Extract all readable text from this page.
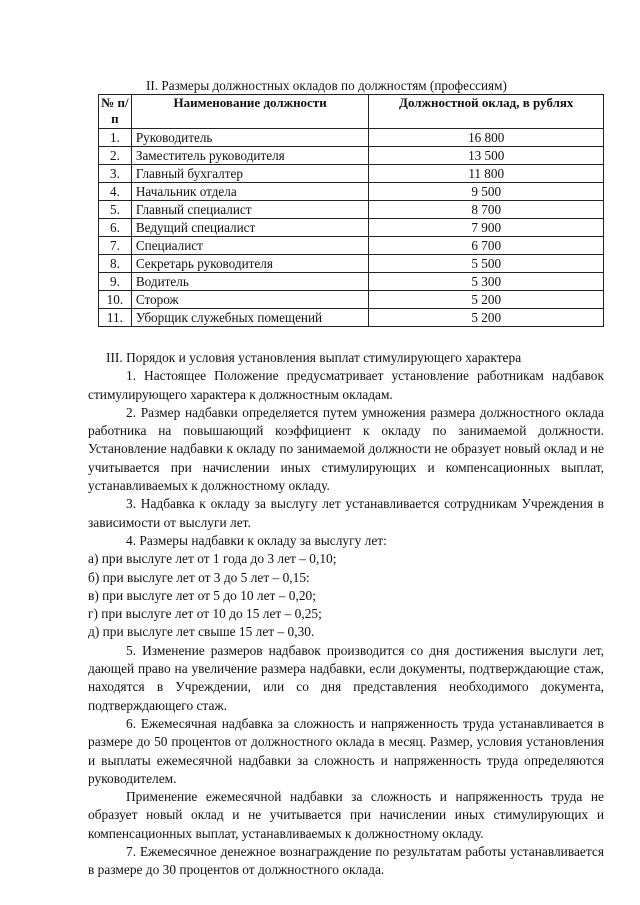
II. Размеры должностных окладов по должностям (профессиям)
№ п/п	Наименование должности	Должностной оклад, в рублях
1.	Руководитель	16 800
2.	Заместитель руководителя	13 500
3.	Главный бухгалтер	11 800
4.	Начальник отдела	9 500
5.	Главный специалист	8 700
6.	Ведущий специалист	7 900
7.	Специалист	6 700
8.	Секретарь руководителя	5 500
9.	Водитель	5 300
10.	Сторож	5 200
11.	Уборщик служебных помещений	5 200

III. Порядок и условия установления выплат стимулирующего характера

1. Настоящее Положение предусматривает установление работникам надбавок стимулирующего характера к должностным окладам.

2. Размер надбавки определяется путем умножения размера должностного оклада работника на повышающий коэффициент к окладу по занимаемой должности. Установление надбавки к окладу по занимаемой должности не образует новый оклад и не учитывается при начислении иных стимулирующих и компенсационных выплат, устанавливаемых к должностному окладу.

3. Надбавка к окладу за выслугу лет устанавливается сотрудникам Учреждения в зависимости от выслуги лет.

4. Размеры надбавки к окладу за выслугу лет:

а) при выслуге лет от 1 года до 3 лет – 0,10;

б) при выслуге лет от 3 до 5 лет – 0,15:

в) при выслуге лет от 5 до 10 лет – 0,20;

г) при выслуге лет от 10 до 15 лет – 0,25;

д) при выслуге лет свыше 15 лет – 0,30.

5. Изменение размеров надбавок производится со дня достижения выслуги лет, дающей право на увеличение размера надбавки, если документы, подтверждающие стаж, находятся в Учреждении, или со дня представления необходимого документа, подтверждающего стаж.

6. Ежемесячная надбавка за сложность и напряженность труда устанавливается в размере до 50 процентов от должностного оклада в месяц. Размер, условия установления и выплаты ежемесячной надбавки за сложность и напряженность труда определяются руководителем.

Применение ежемесячной надбавки за сложность и напряженность труда не образует новый оклад и не учитывается при начислении иных стимулирующих и компенсационных выплат, устанавливаемых к должностному окладу.

7. Ежемесячное денежное вознаграждение по результатам работы устанавливается в размере до 30 процентов от должностного оклада.
